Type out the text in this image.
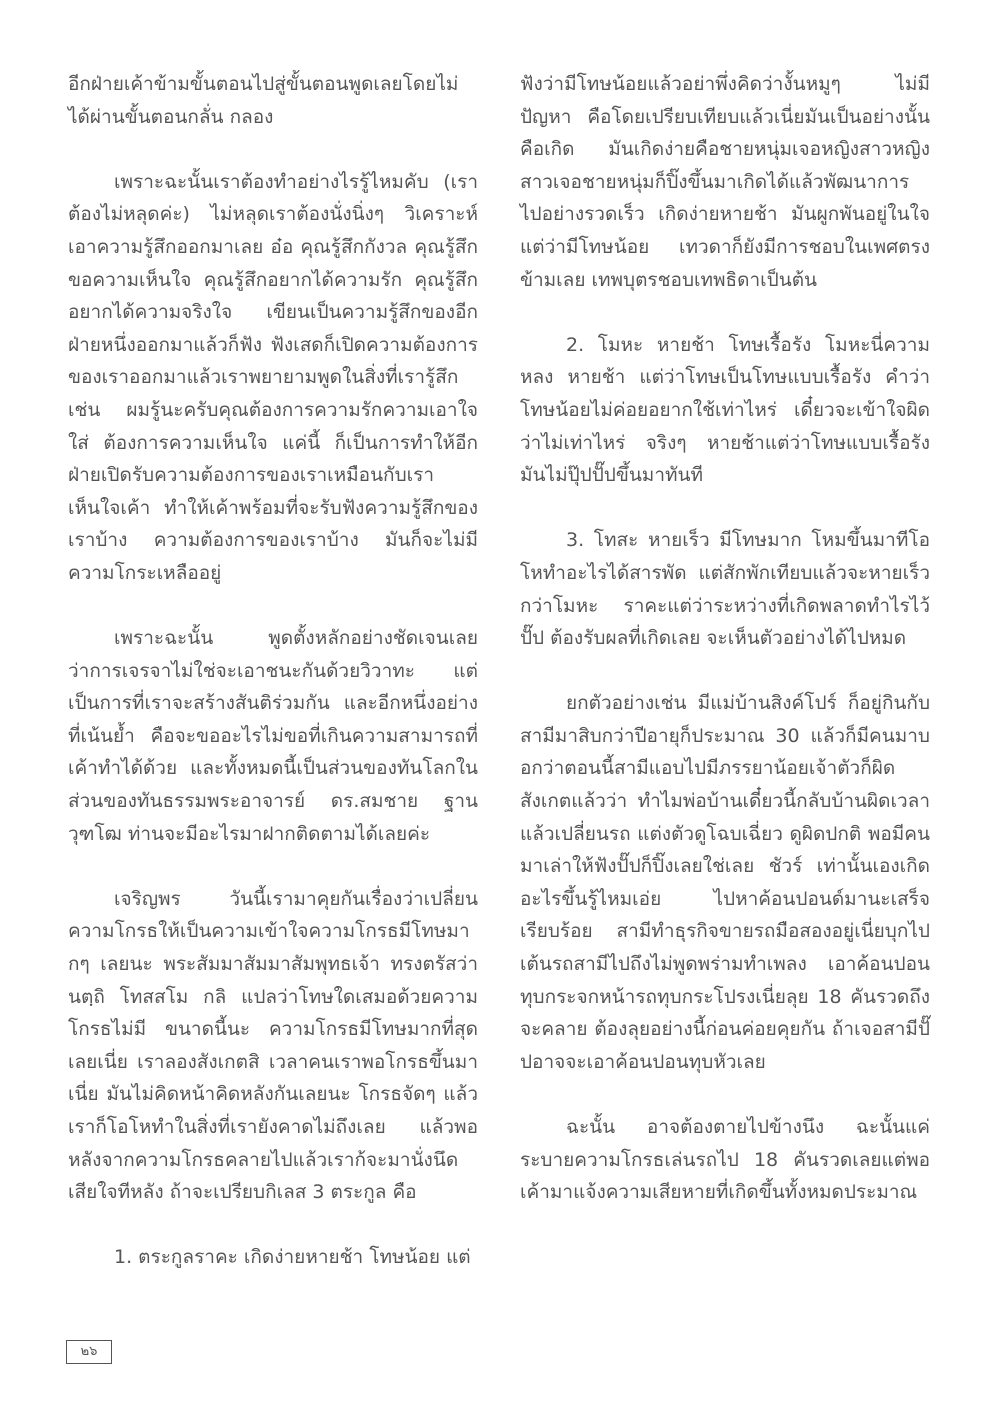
อีกฝ่ายเค้าข้ามขั้นตอนไปสู่ขั้นตอนพูดเลยโดยไม่ได้ผ่านขั้นตอนกลั่น กลอง

เพราะฉะนั้นเราต้องทำอย่างไรรู้ไหมคับ (เราต้องไม่หลุดค่ะ) ไม่หลุดเราต้องนั่งนิ่งๆ วิเคราะห์ เอาความรู้สึกออกมาเลย อ๋อ คุณรู้สึกกังวล คุณรู้สึกขอความเห็นใจ คุณรู้สึกอยากได้ความรัก คุณรู้สึกอยากได้ความจริงใจ เขียนเป็นความรู้สึกของอีกฝ่ายหนึ่งออกมาแล้วก็ฟัง ฟังเสดก็เปิดความต้องการของเราออกมาแล้วเราพยายามพูดในสิ่งที่เรารู้สึกเช่น ผมรู้นะครับคุณต้องการความรักความเอาใจใส่ ต้องการความเห็นใจ แค่นี้ ก็เป็นการทำให้อีกฝ่ายเปิดรับความต้องการของเราเหมือนกับเราเห็นใจเค้า ทำให้เค้าพร้อมที่จะรับฟังความรู้สึกของเราบ้าง ความต้องการของเราบ้าง มันก็จะไม่มีความโกระเหลืออยู่

เพราะฉะนั้น พูดตั้งหลักอย่างชัดเจนเลย ว่าการเจรจาไม่ใช่จะเอาชนะกันด้วยวิวาทะ แต่เป็นการที่เราจะสร้างสันติร่วมกัน และอีกหนึ่งอย่างที่เน้นย้ำ คือจะขออะไรไม่ขอที่เกินความสามารถที่เค้าทำได้ด้วย และทั้งหมดนี้เป็นส่วนของทันโลกในส่วนของทันธรรมพระอาจารย์ ดร.สมชาย ฐานวุฑโฒ ท่านจะมีอะไรมาฝากติดตามได้เลยค่ะ

เจริญพร วันนี้เรามาคุยกันเรื่องว่าเปลี่ยนความโกรธให้เป็นความเข้าใจความโกรธมีโทษมากๆ เลยนะ พระสัมมาสัมมาสัมพุทธเจ้า ทรงตรัสว่า นตฺถิ โทสสโม กลิ แปลว่าโทษใดเสมอด้วยความโกรธไม่มี ขนาดนี้นะ ความโกรธมีโทษมากที่สุดเลยเนี่ย เราลองสังเกตสิ เวลาคนเราพอโกรธขึ้นมาเนี่ย มันไม่คิดหน้าคิดหลังกันเลยนะ โกรธจัดๆ แล้วเราก็โอโหทำในสิ่งที่เรายังคาดไม่ถึงเลย แล้วพอหลังจากความโกรธคลายไปแล้วเราก้จะมานั่งนึดเสียใจทีหลัง ถ้าจะเปรียบกิเลส 3 ตระกูล คือ

1. ตระกูลราคะ เกิดง่ายหายช้า โทษน้อย แต่

ฟังว่ามีโทษน้อยแล้วอย่าพึ่งคิดว่างั้นหมูๆ ไม่มีปัญหา คือโดยเปรียบเทียบแล้วเนี่ยมันเป็นอย่างนั้น คือเกิด มันเกิดง่ายคือชายหนุ่มเจอหญิงสาวหญิงสาวเจอชายหนุ่มก็ปิ๊งขึ้นมาเกิดได้แล้วพัฒนาการไปอย่างรวดเร็ว เกิดง่ายหายช้า มันผูกพันอยู่ในใจ แต่ว่ามีโทษน้อย เทวดาก็ยังมีการชอบในเพศตรงข้ามเลย เทพบุตรชอบเทพธิดาเป็นต้น

2. โมหะ หายช้า โทษเรื้อรัง โมหะนี่ความหลง หายช้า แต่ว่าโทษเป็นโทษแบบเรื้อรัง คำว่าโทษน้อยไม่ค่อยอยากใช้เท่าไหร่ เดี๋ยวจะเข้าใจผิดว่าไม่เท่าไหร่ จริงๆ หายช้าแต่ว่าโทษแบบเรื้อรัง มันไม่ปุ๊ปปั๊ปขึ้นมาทันที

3. โทสะ หายเร็ว มีโทษมาก โหมขึ้นมาทีโอโหทำอะไรได้สารพัด แต่สักพักเทียบแล้วจะหายเร็วกว่าโมหะ ราคะแต่ว่าระหว่างที่เกิดพลาดทำไรไว้ปั๊ป ต้องรับผลที่เกิดเลย จะเห็นตัวอย่างได้ไปหมด

ยกตัวอย่างเช่น มีแม่บ้านสิงค์โปร์ ก็อยู่กินกับสามีมาสิบกว่าปีอายุก็ประมาณ 30 แล้วก็มีคนมาบอกว่าตอนนี้สามีแอบไปมีภรรยาน้อยเจ้าตัวก็ผิดสังเกตแล้วว่า ทำไมพ่อบ้านเดี๋ยวนี้กลับบ้านผิดเวลา แล้วเปลี่ยนรถ แต่งตัวดูโฉบเฉี่ยว ดูผิดปกติ พอมีคนมาเล่าให้ฟังปั๊ปก็ปิ๊งเลยใช่เลย ชัวร์ เท่านั้นเองเกิดอะไรขึ้นรู้ไหมเอ่ย ไปหาค้อนปอนด์มานะเสร็จเรียบร้อย สามีทำธุรกิจขายรถมือสองอยู่เนี่ยบุกไปเต้นรถสามีไปถึงไม่พูดพร่ามทำเพลง เอาค้อนปอนทุบกระจกหน้ารถทุบกระโปรงเนี่ยลุย 18 คันรวดถึงจะคลาย ต้องลุยอย่างนี้ก่อนค่อยคุยกัน ถ้าเจอสามีปั๊ปอาจจะเอาค้อนปอนทุบหัวเลย

ฉะนั้น อาจต้องตายไปข้างนึง ฉะนั้นแค่ระบายความโกรธเล่นรถไป 18 คันรวดเลยแต่พอเค้ามาแจ้งความเสียหายที่เกิดขึ้นทั้งหมดประมาณ

๒๖
